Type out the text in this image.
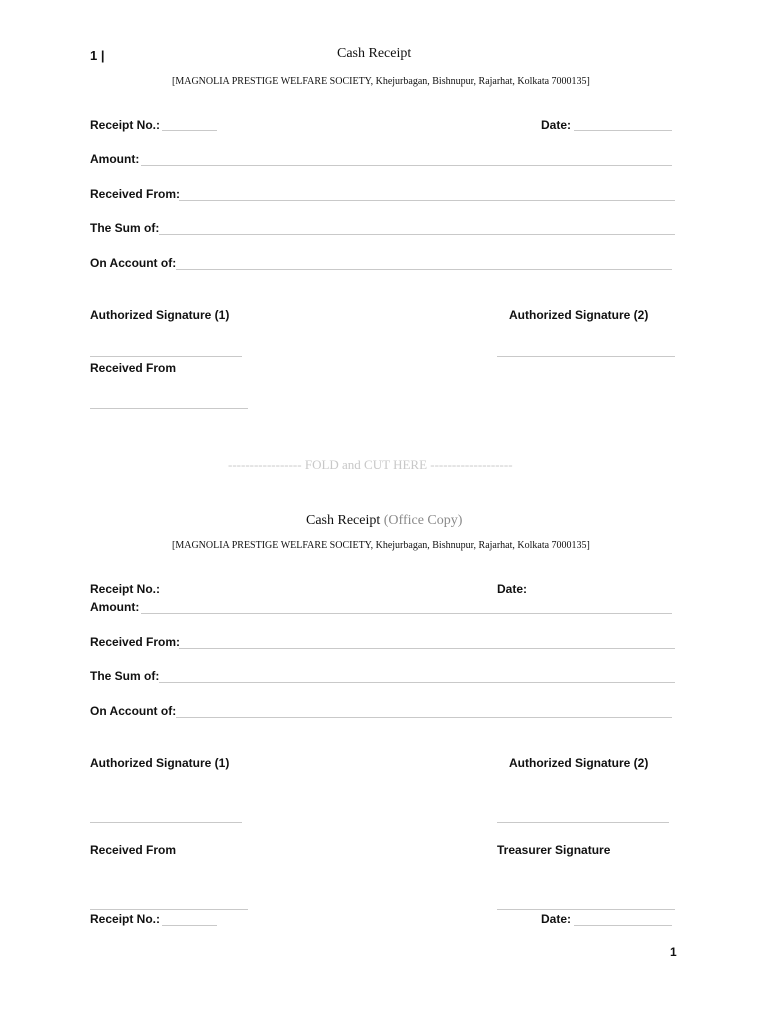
1 |	Cash Receipt
[MAGNOLIA PRESTIGE WELFARE SOCIETY, Khejurbagan, Bishnupur, Rajarhat, Kolkata 7000135]
Receipt No.:	Date:
Amount:
Received From:
The Sum of:
On Account of:
Authorized Signature (1)	Authorized Signature (2)
Received From
----------------- FOLD and CUT HERE -------------------
Cash Receipt (Office Copy)
[MAGNOLIA PRESTIGE WELFARE SOCIETY, Khejurbagan, Bishnupur, Rajarhat, Kolkata 7000135]
Receipt No.:	Date:
Amount:
Received From:
The Sum of:
On Account of:
Authorized Signature (1)	Authorized Signature (2)
Received From	Treasurer Signature
Receipt No.:	Date:
1
